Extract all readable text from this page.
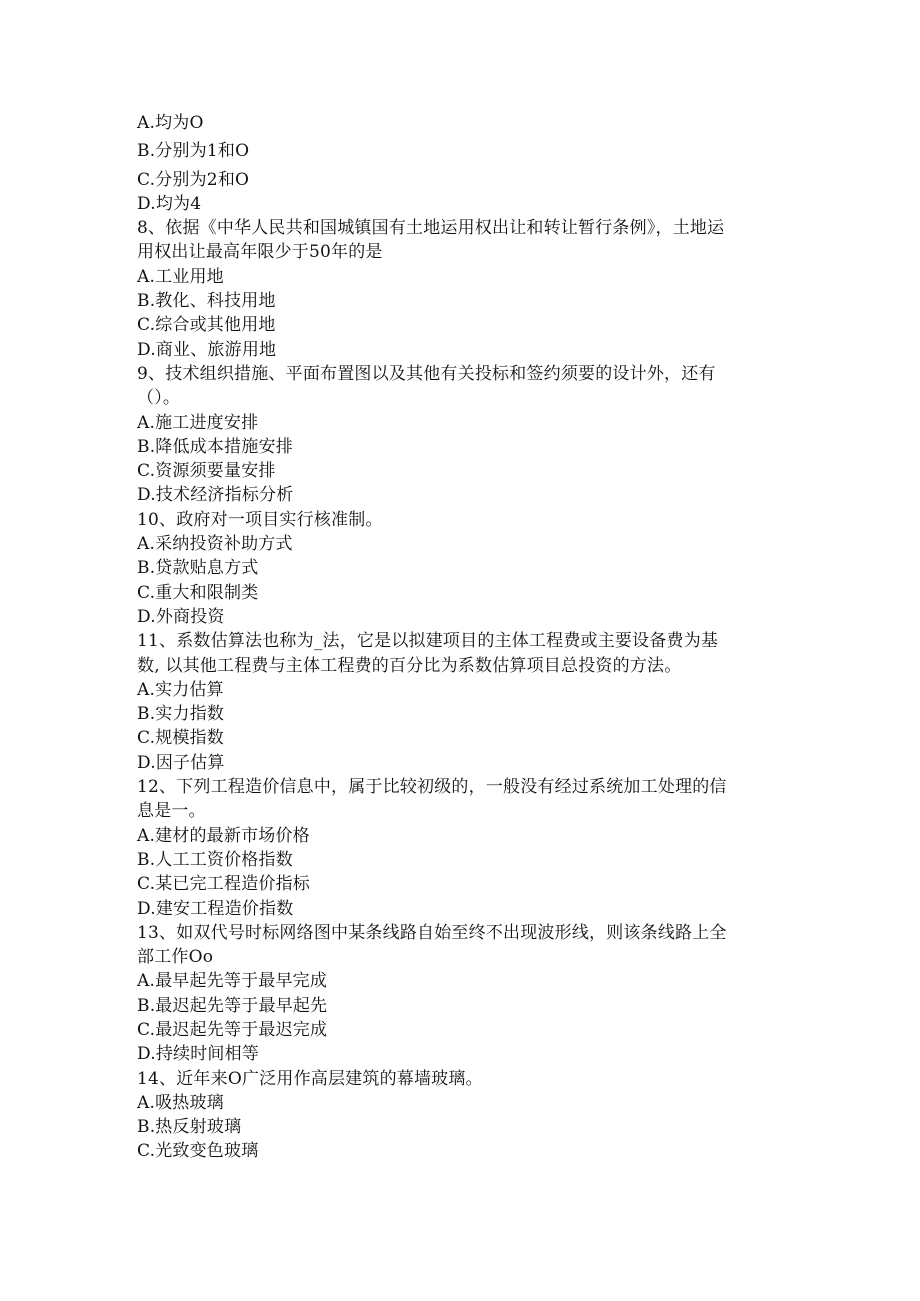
A.均为O

B.分别为1和O

C.分别为2和O

D.均为4

8、依据《中华人民共和国城镇国有土地运用权出让和转让暂行条例》，土地运

用权出让最高年限少于50年的是

A.工业用地

B.教化、科技用地

C.综合或其他用地

D.商业、旅游用地

9、技术组织措施、平面布置图以及其他有关投标和签约须要的设计外，还有

（）。

A.施工进度安排

B.降低成本措施安排

C.资源须要量安排

D.技术经济指标分析

10、政府对一项目实行核准制。

A.采纳投资补助方式

B.贷款贴息方式

C.重大和限制类

D.外商投资

11、系数估算法也称为_法，它是以拟建项目的主体工程费或主要设备费为基

数, 以其他工程费与主体工程费的百分比为系数估算项目总投资的方法。

A.实力估算

B.实力指数

C.规模指数

D.因子估算

12、下列工程造价信息中，属于比较初级的，一般没有经过系统加工处理的信

息是一。

A.建材的最新市场价格

B.人工工资价格指数

C.某已完工程造价指标

D.建安工程造价指数

13、如双代号时标网络图中某条线路自始至终不出现波形线，则该条线路上全

部工作Oo

A.最早起先等于最早完成

B.最迟起先等于最早起先

C.最迟起先等于最迟完成

D.持续时间相等

14、近年来O广泛用作高层建筑的幕墙玻璃。

A.吸热玻璃

B.热反射玻璃

C.光致变色玻璃
